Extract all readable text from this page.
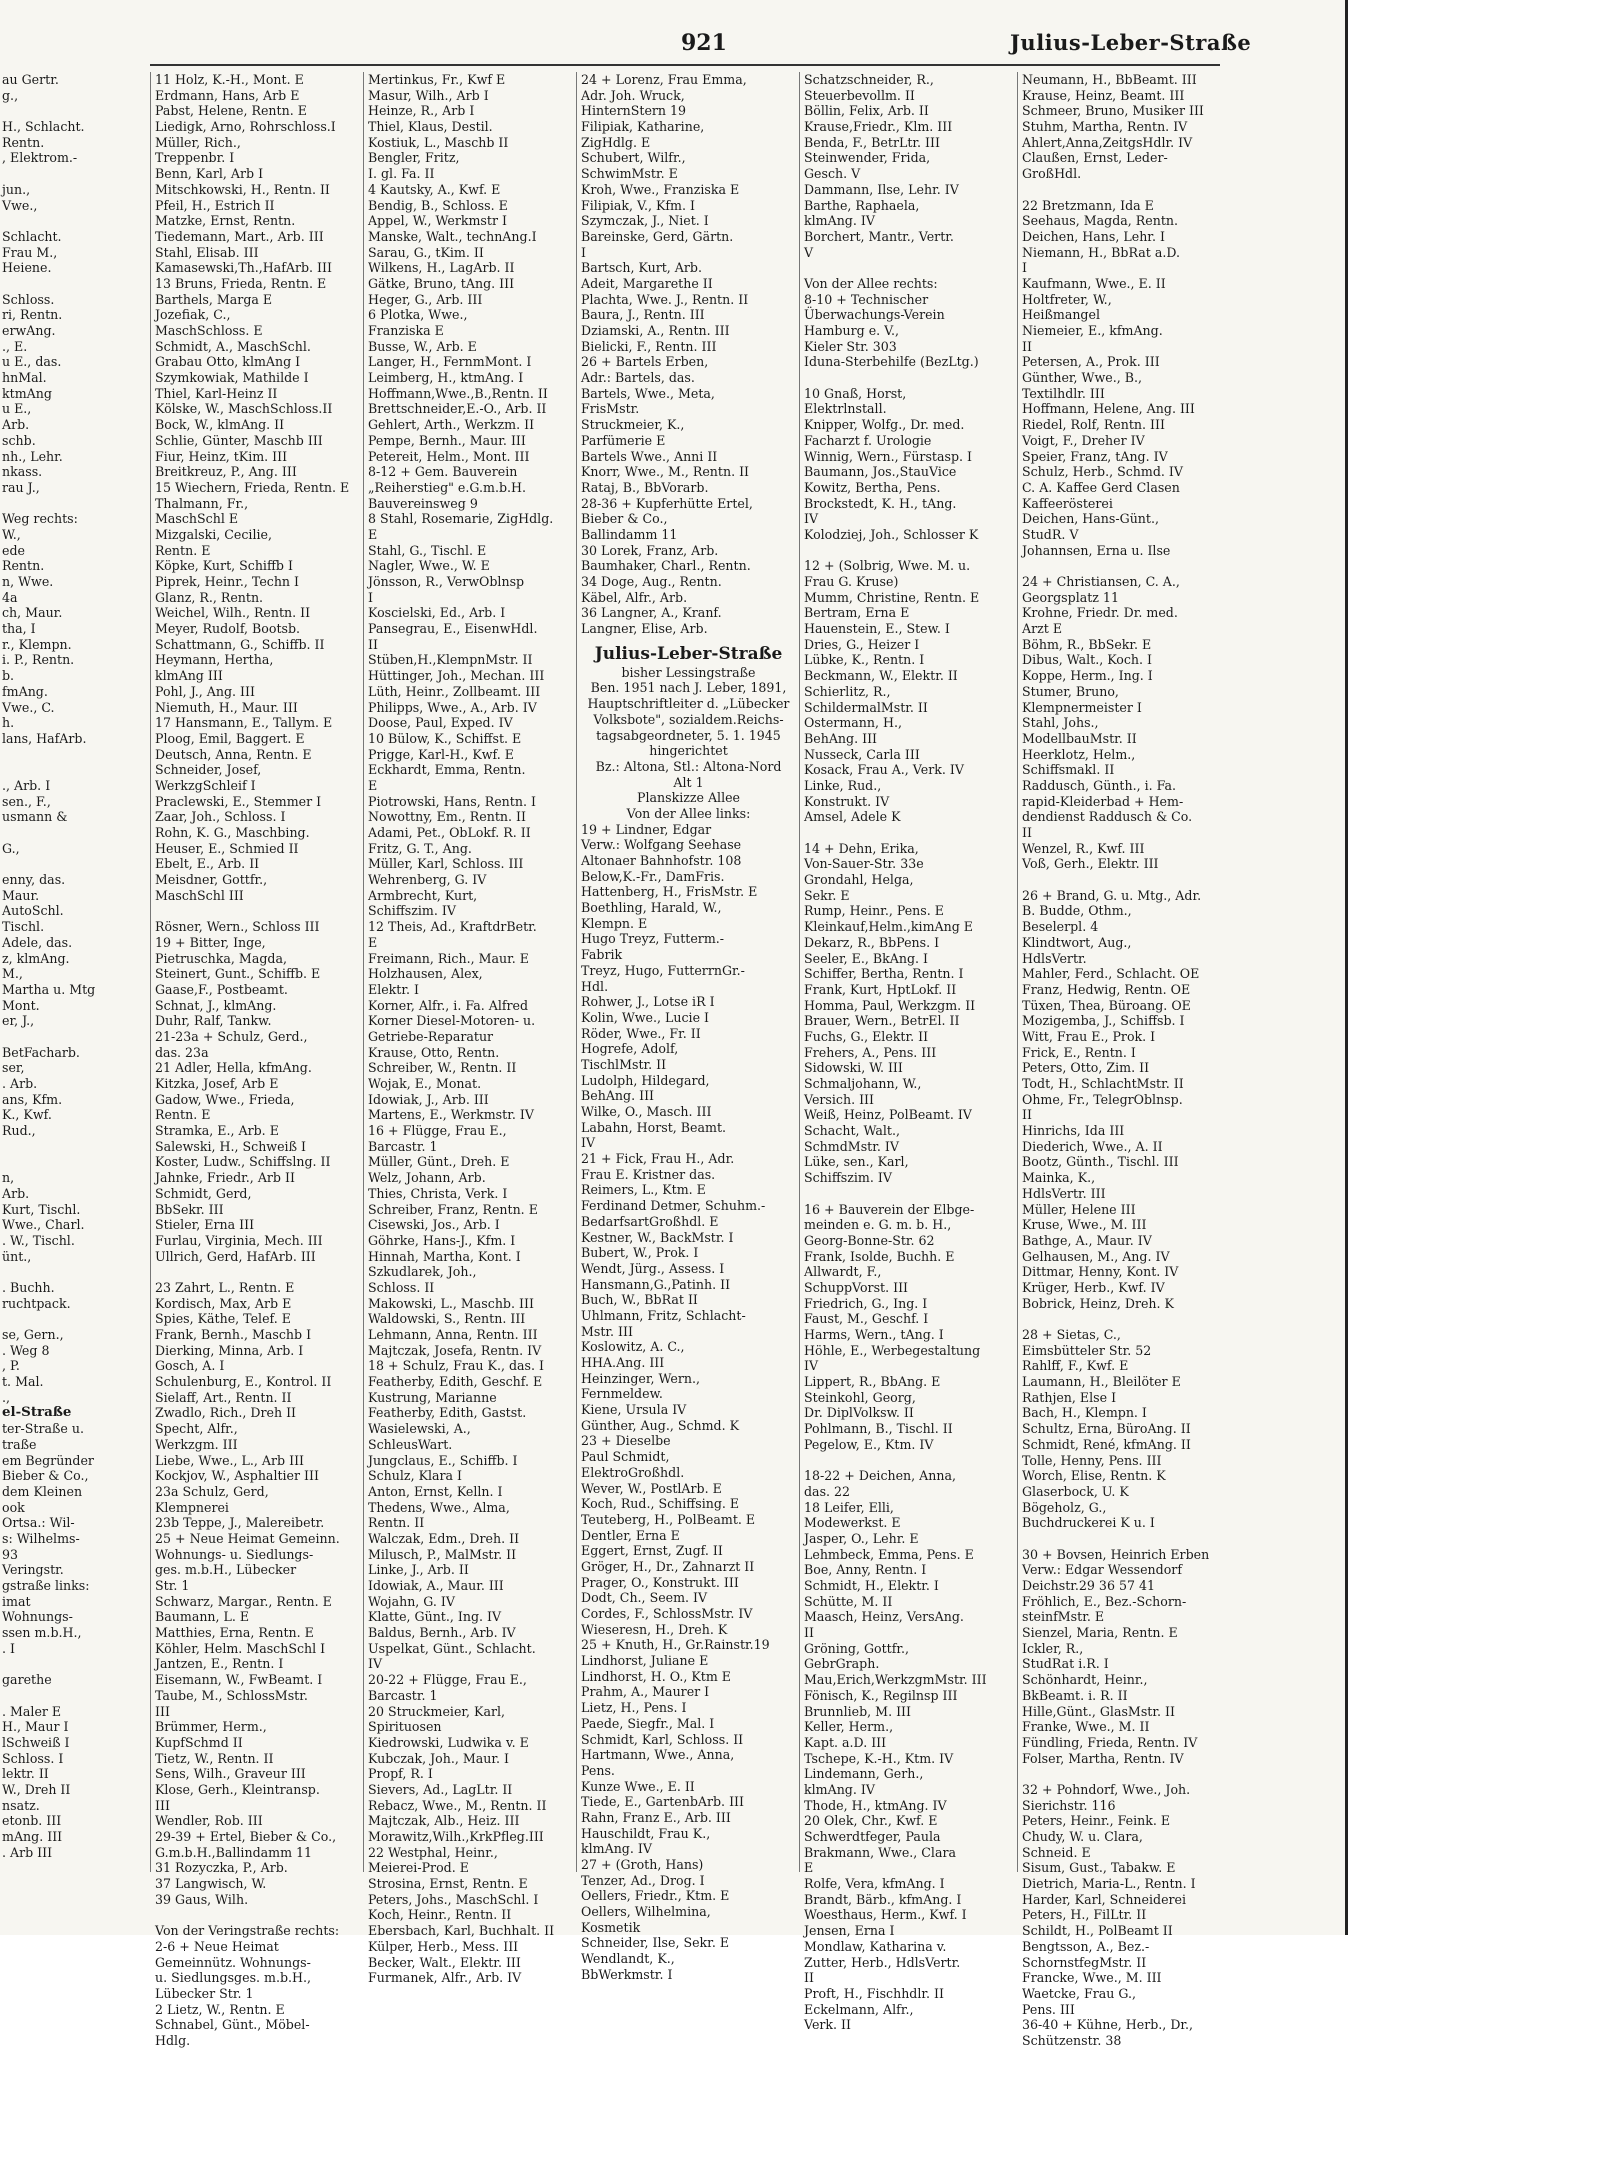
921	Julius-Leber-Straße
au Gertr.
g.,
H., Schlacht.
Rentn.
, Elektrom.-
jun.,
Vwe.,
Schlacht.
Frau M.,
Heiene.
Schloss.
ri, Rentn.
erwAng.
., E.
u E., das.
hnMal.
ktmAng
u E.,
Arb.
schb.
nh., Lehr.
nkass.
rau J.,
Weg rechts:
W.,
ede
Rentn.
n, Wwe.
4a
ch, Maur.
tha, I
r., Klempn.
i. P., Rentn.
b.
fmAng.
Vwe., C.
h.
lans, HafArb.
., Arb. I
sen., F.,
usmann &
G.,
enny, das.
Maur.
AutoSchl.
Tischl.
Adele, das.
z, klmAng.
M.,
Martha u. Mtg
Mont.
er, J.,
BetFacharb.
ser,
. Arb.
ans, Kfm.
K., Kwf.
Rud.,
n,
Arb.
Kurt, Tischl.
Wwe., Charl.
. W., Tischl.
ünt.,
. Buchh.
ruchtpack.
se, Gern.,
. Weg 8
, P.
t. Mal.
.,
el-Straße
ter-Straße u.
traße
em Begründer
Bieber & Co.,
dem Kleinen
ook
Ortsa.: Wil-
s: Wilhelms-
93
Veringstr.
gstraße links:
imat
Wohnungs-
ssen m.b.H.,
. I
garethe
. Maler E
H., Maur I
lSchweiß I
Schloss. I
lektr. II
W., Dreh II
nsatz.
etonb. III
mAng. III
. Arb III
11 Holz, K.-H., Mont. E
Erdmann, Hans, Arb E
Pabst, Helene, Rentn. E
Liedigk, Arno, Rohrschloss.I
Müller, Rich.,
Treppenbr. I
Benn, Karl, Arb I
Mitschkowski, H., Rentn. II
Pfeil, H., Estrich II
Matzke, Ernst, Rentn.
Tiedemann, Mart., Arb. III
Stahl, Elisab. III
Kamasewski,Th.,HafArb. III
13 Bruns, Frieda, Rentn. E
Barthels, Marga E
Jozefiak, C.,
MaschSchloss. E
Schmidt, A., MaschSchl.
Grabau Otto, klmAng I
Szymkowiak, Mathilde I
Thiel, Karl-Heinz II
Kölske, W., MaschSchloss.II
Bock, W., klmAng. II
Schlie, Günter, Maschb III
Fiur, Heinz, tKim. III
Breitkreuz, P., Ang. III
15 Wiechern, Frieda, Rentn. E
Thalmann, Fr.,
MaschSchl E
Mizgalski, Cecilie,
Rentn. E
Köpke, Kurt, Schiffb I
Piprek, Heinr., Techn I
Glanz, R., Rentn.
Weichel, Wilh., Rentn. II
Meyer, Rudolf, Bootsb.
Schattmann, G., Schiffb. II
Heymann, Hertha,
klmAng III
Pohl, J., Ang. III
Niemuth, H., Maur. III
17 Hansmann, E., Tallym. E
Ploog, Emil, Baggert. E
Deutsch, Anna, Rentn. E
Schneider, Josef,
WerkzgSchleif I
Praclewski, E., Stemmer I
Zaar, Joh., Schloss. I
Rohn, K. G., Maschbing.
Heuser, E., Schmied II
Ebelt, E., Arb. II
Meisdner, Gottfr.,
MaschSchl III
Rösner, Wern., Schloss III
19 + Bitter, Inge,
Pietruschka, Magda,
Steinert, Gunt., Schiffb. E
Gaase,F., Postbeamt.
Schnat, J., klmAng.
Duhr, Ralf, Tankw.
21-23a + Schulz, Gerd.,
das. 23a
21 Adler, Hella, kfmAng.
Kitzka, Josef, Arb E
Gadow, Wwe., Frieda,
Rentn. E
Stramka, E., Arb. E
Salewski, H., Schweiß I
Koster, Ludw., Schiffslng. II
Jahnke, Friedr., Arb II
Schmidt, Gerd,
BbSekr. III
Stieler, Erna III
Furlau, Virginia, Mech. III
Ullrich, Gerd, HafArb. III
23 Zahrt, L., Rentn. E
Kordisch, Max, Arb E
Spies, Käthe, Telef. E
Frank, Bernh., Maschb I
Dierking, Minna, Arb. I
Gosch, A. I
Schulenburg, E., Kontrol. II
Sielaff, Art., Rentn. II
Zwadlo, Rich., Dreh II
Specht, Alfr.,
Werkzgm. III
Liebe, Wwe., L., Arb III
Kockjov, W., Asphaltier III
23a Schulz, Gerd,
Klempnerei
23b Teppe, J., Malereibetr.
25 + Neue Heimat Gemeinn.
Wohnungs- u. Siedlungs-
ges. m.b.H., Lübecker
Str. 1
Schwarz, Margar., Rentn. E
Baumann, L. E
Matthies, Erna, Rentn. E
Köhler, Helm. MaschSchl I
Jantzen, E., Rentn. I
Eisemann, W., FwBeamt. I
Taube, M., SchlossMstr.
III
Brümmer, Herm.,
KupfSchmd II
Tietz, W., Rentn. II
Sens, Wilh., Graveur III
Klose, Gerh., Kleintransp.
III
Wendler, Rob. III
29-39 + Ertel, Bieber & Co.,
G.m.b.H.,Ballindamm 11
31 Rozyczka, P., Arb.
37 Langwisch, W.
39 Gaus, Wilh.
Von der Veringstraße rechts:
2-6 + Neue Heimat
Gemeinnütz. Wohnungs-
u. Siedlungsges. m.b.H.,
Lübecker Str. 1
2 Lietz, W., Rentn. E
Schnabel, Günt., Möbel-
Hdlg.
Mertinkus, Fr., Kwf E
Masur, Wilh., Arb I
Heinze, R., Arb I
Thiel, Klaus, Destil.
Kostiuk, L., Maschb II
Bengler, Fritz,
I. gl. Fa. II
4 Kautsky, A., Kwf. E
Bendig, B., Schloss. E
Appel, W., Werkmstr I
Manske, Walt., technAng.I
Sarau, G., tKim. II
Wilkens, H., LagArb. II
Gätke, Bruno, tAng. III
Heger, G., Arb. III
6 Plotka, Wwe.,
Franziska E
Busse, W., Arb. E
Langer, H., FernmMont. I
Leimberg, H., ktmAng. I
Hoffmann,Wwe.,B.,Rentn. II
Brettschneider,E.-O., Arb. II
Gehlert, Arth., Werkzm. II
Pempe, Bernh., Maur. III
Petereit, Helm., Mont. III
8-12 + Gem. Bauverein
„Reiherstieg" e.G.m.b.H.
Bauvereinsweg 9
8 Stahl, Rosemarie, ZigHdlg.
E
Stahl, G., Tischl. E
Nagler, Wwe., W. E
Jönsson, R., VerwOblnsp
I
Koscielski, Ed., Arb. I
Pansegrau, E., EisenwHdl.
II
Stüben,H.,KlempnMstr. II
Hüttinger, Joh., Mechan. III
Lüth, Heinr., Zollbeamt. III
Philipps, Wwe., A., Arb. IV
Doose, Paul, Exped. IV
10 Bülow, K., Schiffst. E
Prigge, Karl-H., Kwf. E
Eckhardt, Emma, Rentn.
E
Piotrowski, Hans, Rentn. I
Nowottny, Em., Rentn. II
Adami, Pet., ObLokf. R. II
Fritz, G. T., Ang.
Müller, Karl, Schloss. III
Wehrenberg, G. IV
Armbrecht, Kurt,
Schiffszim. IV
12 Theis, Ad., KraftdrBetr.
E
Freimann, Rich., Maur. E
Holzhausen, Alex,
Elektr. I
Korner, Alfr., i. Fa. Alfred
Korner Diesel-Motoren- u.
Getriebe-Reparatur
Krause, Otto, Rentn.
Schreiber, W., Rentn. II
Wojak, E., Monat.
Idowiak, J., Arb. III
Martens, E., Werkmstr. IV
16 + Flügge, Frau E.,
Barcastr. 1
Müller, Günt., Dreh. E
Welz, Johann, Arb.
Thies, Christa, Verk. I
Schreiber, Franz, Rentn. E
Cisewski, Jos., Arb. I
Göhrke, Hans-J., Kfm. I
Hinnah, Martha, Kont. I
Szkudlarek, Joh.,
Schloss. II
Makowski, L., Maschb. III
Waldowski, S., Rentn. III
Lehmann, Anna, Rentn. III
Majtczak, Josefa, Rentn. IV
18 + Schulz, Frau K., das. I
Featherby, Edith, Geschf. E
Kustrung, Marianne
Featherby, Edith, Gastst.
Wasielewski, A.,
SchleusWart.
Jungclaus, E., Schiffb. I
Schulz, Klara I
Anton, Ernst, Kelln. I
Thedens, Wwe., Alma,
Rentn. II
Walczak, Edm., Dreh. II
Milusch, P., MalMstr. II
Linke, J., Arb. II
Idowiak, A., Maur. III
Wojahn, G. IV
Klatte, Günt., Ing. IV
Baldus, Bernh., Arb. IV
Uspelkat, Günt., Schlacht.
IV
20-22 + Flügge, Frau E.,
Barcastr. 1
20 Struckmeier, Karl,
Spirituosen
Kiedrowski, Ludwika v. E
Kubczak, Joh., Maur. I
Propf, R. I
Sievers, Ad., LagLtr. II
Rebacz, Wwe., M., Rentn. II
Majtczak, Alb., Heiz. III
Morawitz,Wilh.,KrkPfleg.III
22 Westphal, Heinr.,
Meierei-Prod. E
Strosina, Ernst, Rentn. E
Peters, Johs., MaschSchl. I
Koch, Heinr., Rentn. II
Ebersbach, Karl, Buchhalt. II
Külper, Herb., Mess. III
Becker, Walt., Elektr. III
Furmanek, Alfr., Arb. IV
24 + Lorenz, Frau Emma,
Adr. Joh. Wruck,
HinternStern 19
Filipiak, Katharine,
ZigHdlg. E
Schubert, Wilfr.,
SchwimMstr. E
Kroh, Wwe., Franziska E
Filipiak, V., Kfm. I
Szymczak, J., Niet. I
Bareinske, Gerd, Gärtn.
I
Bartsch, Kurt, Arb.
Adeit, Margarethe II
Plachta, Wwe. J., Rentn. II
Baura, J., Rentn. III
Dziamski, A., Rentn. III
Bielicki, F., Rentn. III
26 + Bartels Erben,
Adr.: Bartels, das.
Bartels, Wwe., Meta,
FrisMstr.
Struckmeier, K.,
Parfümerie E
Bartels Wwe., Anni II
Knorr, Wwe., M., Rentn. II
Rataj, B., BbVorarb.
28-36 + Kupferhütte Ertel,
Bieber & Co.,
Ballindamm 11
30 Lorek, Franz, Arb.
Baumhaker, Charl., Rentn.
34 Doge, Aug., Rentn.
Käbel, Alfr., Arb.
36 Langner, A., Kranf.
Langner, Elise, Arb.
Julius-Leber-Straße
bisher Lessingstraße
Ben. 1951 nach J. Leber, 1891,
Hauptschriftleiter d. „Lübecker
Volksbote", sozialdem.Reichs-
tagsabgeordneter, 5. 1. 1945
hingerichtet
Bz.: Altona, Stl.: Altona-Nord
Alt 1
Planskizze Allee
Von der Allee links:
19 + Lindner, Edgar
Verw.: Wolfgang Seehase
Altonaer Bahnhofstr. 108
Below,K.-Fr., DamFris.
Hattenberg, H., FrisMstr. E
Boethling, Harald, W.,
Klempn. E
Hugo Treyz, Futterm.-
Fabrik
Treyz, Hugo, FutterrnGr.-
Hdl.
Rohwer, J., Lotse iR I
Kolin, Wwe., Lucie I
Röder, Wwe., Fr. II
Hogrefe, Adolf,
TischlMstr. II
Ludolph, Hildegard,
BehAng. III
Wilke, O., Masch. III
Labahn, Horst, Beamt.
IV
21 + Fick, Frau H., Adr.
Frau E. Kristner das.
Reimers, L., Ktm. E
Ferdinand Detmer, Schuhm.-
BedarfsartGroßhdl. E
Kestner, W., BackMstr. I
Bubert, W., Prok. I
Wendt, Jürg., Assess. I
Hansmann,G.,Patinh. II
Buch, W., BbRat II
Uhlmann, Fritz, Schlacht-
Mstr. III
Koslowitz, A. C.,
HHA.Ang. III
Heinzinger, Wern.,
Fernmeldew.
Kiene, Ursula IV
Günther, Aug., Schmd. K
23 + Dieselbe
Paul Schmidt,
ElektroGroßhdl.
Wever, W., PostlArb. E
Koch, Rud., Schiffsing. E
Teuteberg, H., PolBeamt. E
Dentler, Erna E
Eggert, Ernst, Zugf. II
Gröger, H., Dr., Zahnarzt II
Prager, O., Konstrukt. III
Dodt, Ch., Seem. IV
Cordes, F., SchlossMstr. IV
Wieseresn, H., Dreh. K
25 + Knuth, H., Gr.Rainstr.19
Lindhorst, Juliane E
Lindhorst, H. O., Ktm E
Prahm, A., Maurer I
Lietz, H., Pens. I
Paede, Siegfr., Mal. I
Schmidt, Karl, Schloss. II
Hartmann, Wwe., Anna,
Pens.
Kunze Wwe., E. II
Tiede, E., GartenbArb. III
Rahn, Franz E., Arb. III
Hauschildt, Frau K.,
klmAng. IV
27 + (Groth, Hans)
Tenzer, Ad., Drog. I
Oellers, Friedr., Ktm. E
Oellers, Wilhelmina,
Kosmetik
Schneider, Ilse, Sekr. E
Wendlandt, K.,
BbWerkmstr. I
Schatzschneider, R.,
Steuerbevollm. II
Böllin, Felix, Arb. II
Krause,Friedr., Klm. III
Benda, F., BetrLtr. III
Steinwender, Frida,
Gesch. V
Dammann, Ilse, Lehr. IV
Barthe, Raphaela,
klmAng. IV
Borchert, Mantr., Vertr.
V
Von der Allee rechts:
8-10 + Technischer
Überwachungs-Verein
Hamburg e. V.,
Kieler Str. 303
Iduna-Sterbehilfe (BezLtg.)
10 Gnaß, Horst,
Elektrlnstall.
Knipper, Wolfg., Dr. med.
Facharzt f. Urologie
Winnig, Wern., Fürstasp. I
Baumann, Jos.,StauVice
Kowitz, Bertha, Pens.
Brockstedt, K. H., tAng.
IV
Kolodziej, Joh., Schlosser K
12 + (Solbrig, Wwe. M. u.
Frau G. Kruse)
Mumm, Christine, Rentn. E
Bertram, Erna E
Hauenstein, E., Stew. I
Dries, G., Heizer I
Lübke, K., Rentn. I
Beckmann, W., Elektr. II
Schierlitz, R.,
SchildermalMstr. II
Ostermann, H.,
BehAng. III
Nusseck, Carla III
Kosack, Frau A., Verk. IV
Linke, Rud.,
Konstrukt. IV
Amsel, Adele K
14 + Dehn, Erika,
Von-Sauer-Str. 33e
Grondahl, Helga,
Sekr. E
Rump, Heinr., Pens. E
Kleinkauf,Helm.,kimAng E
Dekarz, R., BbPens. I
Seeler, E., BkAng. I
Schiffer, Bertha, Rentn. I
Frank, Kurt, HptLokf. II
Homma, Paul, Werkzgm. II
Brauer, Wern., BetrEl. II
Fuchs, G., Elektr. II
Frehers, A., Pens. III
Sidowski, W. III
Schmaljohann, W.,
Versich. III
Weiß, Heinz, PolBeamt. IV
Schacht, Walt.,
SchmdMstr. IV
Lüke, sen., Karl,
Schiffszim. IV
16 + Bauverein der Elbge-
meinden e. G. m. b. H.,
Georg-Bonne-Str. 62
Frank, Isolde, Buchh. E
Allwardt, F.,
SchuppVorst. III
Friedrich, G., Ing. I
Faust, M., Geschf. I
Harms, Wern., tAng. I
Höhle, E., Werbegestaltung
IV
Lippert, R., BbAng. E
Steinkohl, Georg,
Dr. DiplVolksw. II
Pohlmann, B., Tischl. II
Pegelow, E., Ktm. IV
18-22 + Deichen, Anna,
das. 22
18 Leifer, Elli,
Modewerkst. E
Jasper, O., Lehr. E
Lehmbeck, Emma, Pens. E
Boe, Anny, Rentn. I
Schmidt, H., Elektr. I
Schütte, M. II
Maasch, Heinz, VersAng.
II
Gröning, Gottfr.,
GebrGraph.
Mau,Erich,WerkzgmMstr. III
Fönisch, K., Regilnsp III
Brunnlieb, M. III
Keller, Herm.,
Kapt. a.D. III
Tschepe, K.-H., Ktm. IV
Lindemann, Gerh.,
klmAng. IV
Thode, H., ktmAng. IV
20 Olek, Chr., Kwf. E
Schwerdtfeger, Paula
Brakmann, Wwe., Clara
E
Rolfe, Vera, kfmAng. I
Brandt, Bärb., kfmAng. I
Woesthaus, Herm., Kwf. I
Jensen, Erna I
Mondlaw, Katharina v.
Zutter, Herb., HdlsVertr.
II
Proft, H., Fischhdlr. II
Eckelmann, Alfr.,
Verk. II
Neumann, H., BbBeamt. III
Krause, Heinz, Beamt. III
Schmeer, Bruno, Musiker III
Stuhm, Martha, Rentn. IV
Ahlert,Anna,ZeitgsHdlr. IV
Claußen, Ernst, Leder-
GroßHdl.
22 Bretzmann, Ida E
Seehaus, Magda, Rentn.
Deichen, Hans, Lehr. I
Niemann, H., BbRat a.D.
I
Kaufmann, Wwe., E. II
Holtfreter, W.,
Heißmangel
Niemeier, E., kfmAng.
II
Petersen, A., Prok. III
Günther, Wwe., B.,
Textilhdlr. III
Hoffmann, Helene, Ang. III
Riedel, Rolf, Rentn. III
Voigt, F., Dreher IV
Speier, Franz, tAng. IV
Schulz, Herb., Schmd. IV
C. A. Kaffee Gerd Clasen
Kaffeerösterei
Deichen, Hans-Günt.,
StudR. V
Johannsen, Erna u. Ilse
24 + Christiansen, C. A.,
Georgsplatz 11
Krohne, Friedr. Dr. med.
Arzt E
Böhm, R., BbSekr. E
Dibus, Walt., Koch. I
Koppe, Herm., Ing. I
Stumer, Bruno,
Klempnermeister I
Stahl, Johs.,
ModellbauMstr. II
Heerklotz, Helm.,
Schiffsmakl. II
Raddusch, Günth., i. Fa.
rapid-Kleiderbad + Hem-
dendienst Raddusch & Co.
II
Wenzel, R., Kwf. III
Voß, Gerh., Elektr. III
26 + Brand, G. u. Mtg., Adr.
B. Budde, Othm.,
Beselerpl. 4
Klindtwort, Aug.,
HdlsVertr.
Mahler, Ferd., Schlacht. OE
Franz, Hedwig, Rentn. OE
Tüxen, Thea, Büroang. OE
Mozigemba, J., Schiffsb. I
Witt, Frau E., Prok. I
Frick, E., Rentn. I
Peters, Otto, Zim. II
Todt, H., SchlachtMstr. II
Ohme, Fr., TelegrOblnsp.
II
Hinrichs, Ida III
Diederich, Wwe., A. II
Bootz, Günth., Tischl. III
Mainka, K.,
HdlsVertr. III
Müller, Helene III
Kruse, Wwe., M. III
Bathge, A., Maur. IV
Gelhausen, M., Ang. IV
Dittmar, Henny, Kont. IV
Krüger, Herb., Kwf. IV
Bobrick, Heinz, Dreh. K
28 + Sietas, C.,
Eimsbütteler Str. 52
Rahlff, F., Kwf. E
Laumann, H., Bleilöter E
Rathjen, Else I
Bach, H., Klempn. I
Schultz, Erna, BüroAng. II
Schmidt, René, kfmAng. II
Tolle, Henny, Pens. III
Worch, Elise, Rentn. K
Glaserbock, U. K
Bögeholz, G.,
Buchdruckerei K u. I
30 + Bovsen, Heinrich Erben
Verw.: Edgar Wessendorf
Deichstr.29 36 57 41
Fröhlich, E., Bez.-Schorn-
steinfMstr. E
Sienzel, Maria, Rentn. E
Ickler, R.,
StudRat i.R. I
Schönhardt, Heinr.,
BkBeamt. i. R. II
Hille,Günt., GlasMstr. II
Franke, Wwe., M. II
Fündling, Frieda, Rentn. IV
Folser, Martha, Rentn. IV
32 + Pohndorf, Wwe., Joh.
Sierichstr. 116
Peters, Heinr., Feink. E
Chudy, W. u. Clara,
Schneid. E
Sisum, Gust., Tabakw. E
Dietrich, Maria-L., Rentn. I
Harder, Karl, Schneiderei
Peters, H., FilLtr. II
Schildt, H., PolBeamt II
Bengtsson, A., Bez.-
SchornstfegMstr. II
Francke, Wwe., M. III
Waetcke, Frau G.,
Pens. III
36-40 + Kühne, Herb., Dr.,
Schützenstr. 38
